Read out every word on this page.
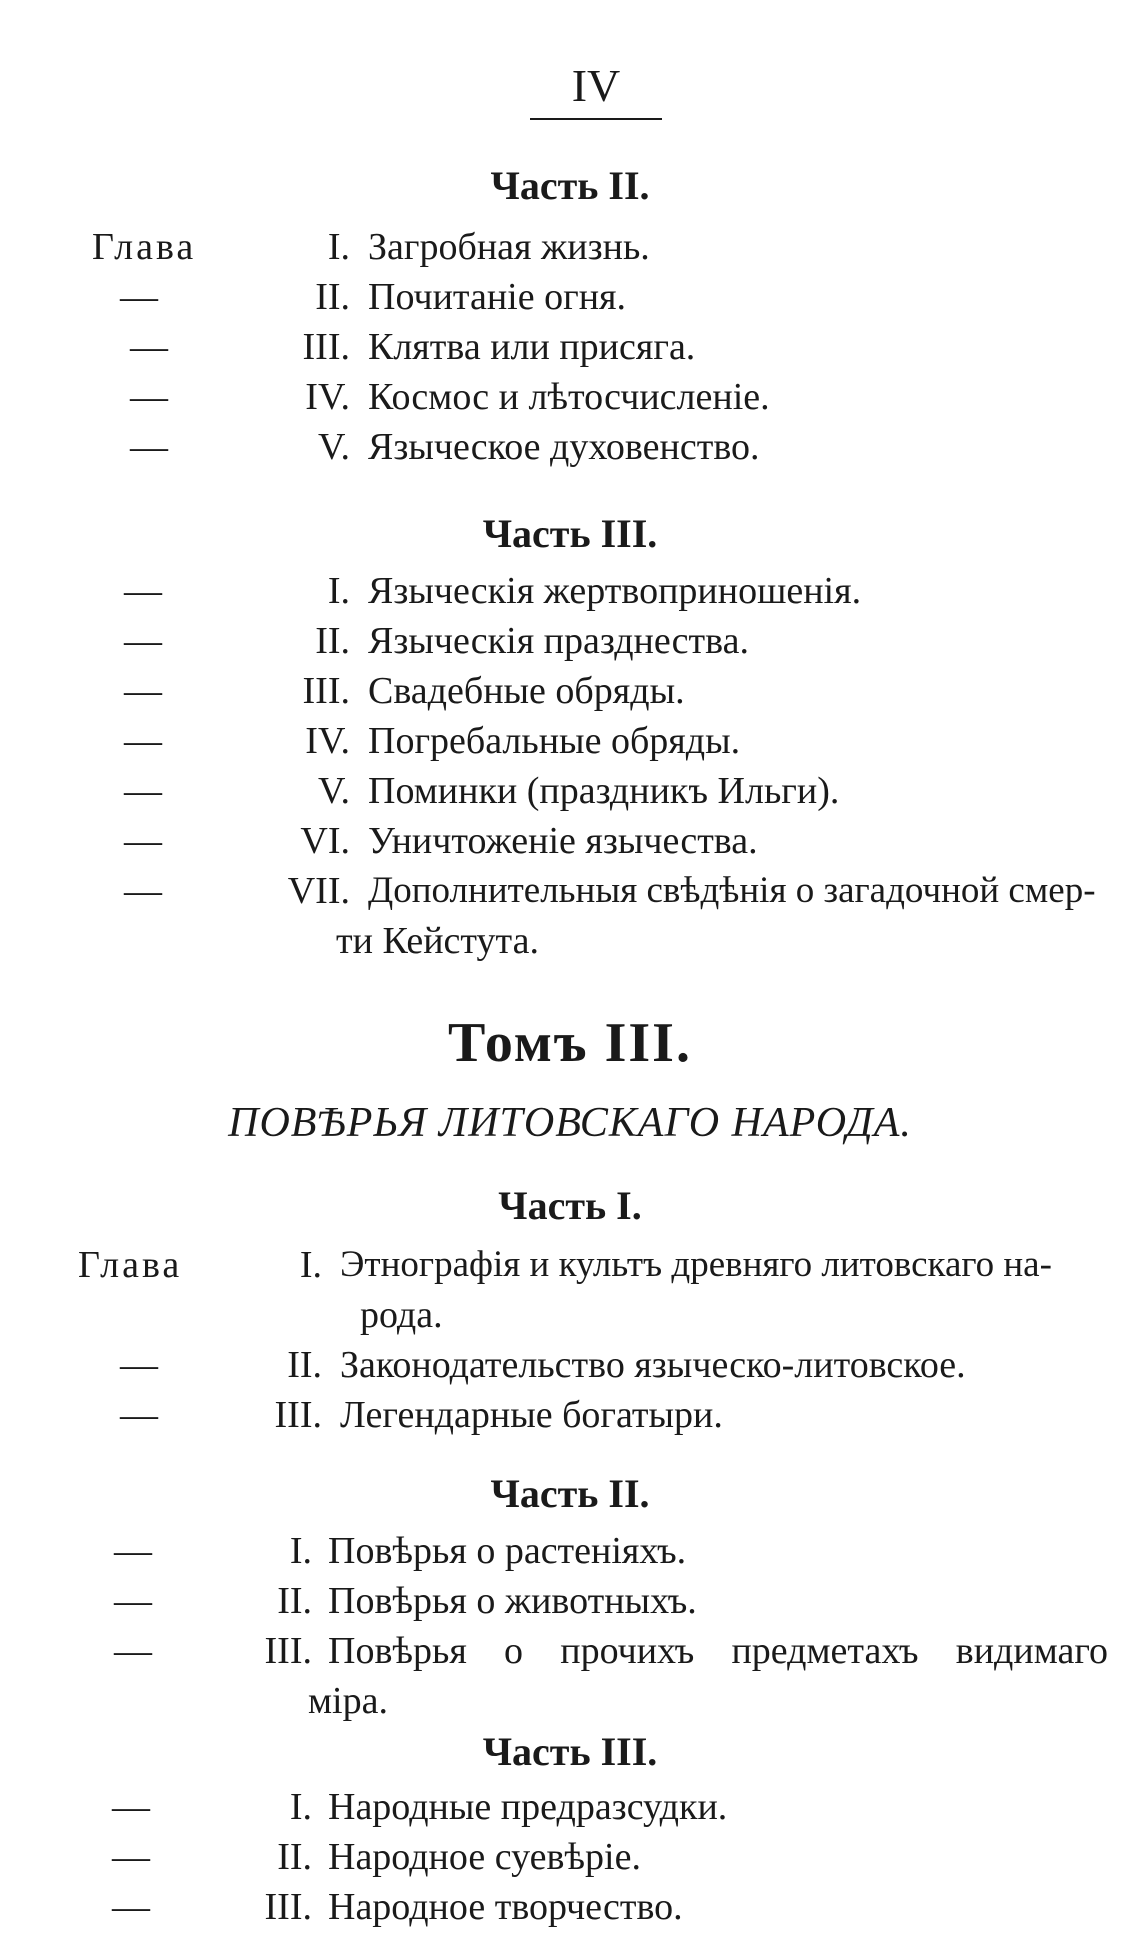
IV
Часть II.
Глава	I. Загробная жизнь.
—	II. Почитаніе огня.
—	III. Клятва или присяга.
—	IV. Космос и лѣтосчисленіе.
—	V. Языческое духовенство.
Часть III.
—	I. Языческія жертвоприношенія.
—	II. Языческія празднества.
—	III. Свадебные обряды.
—	IV. Погребальные обряды.
—	V. Поминки (праздникъ Ильги).
—	VI. Уничтоженіе язычества.
—	VII. Дополнительныя свѣдѣнія о загадочной смер-
ти Кейстута.
Томъ III.
ПОВѢРЬЯ ЛИТОВСКАГО НАРОДА.
Часть I.
Глава	I. Этнографія и культъ древняго литовскаго на-
рода.
—	II. Законодательство языческо-литовское.
—	III. Легендарные богатыри.
Часть II.
—	I. Повѣрья о растеніяхъ.
—	II. Повѣрья о животныхъ.
—	III. Повѣрья о прочихъ предметахъ видимаго
міра.
Часть III.
—	I. Народные предразсудки.
—	II. Народное суевѣріе.
—	III. Народное творчество.
